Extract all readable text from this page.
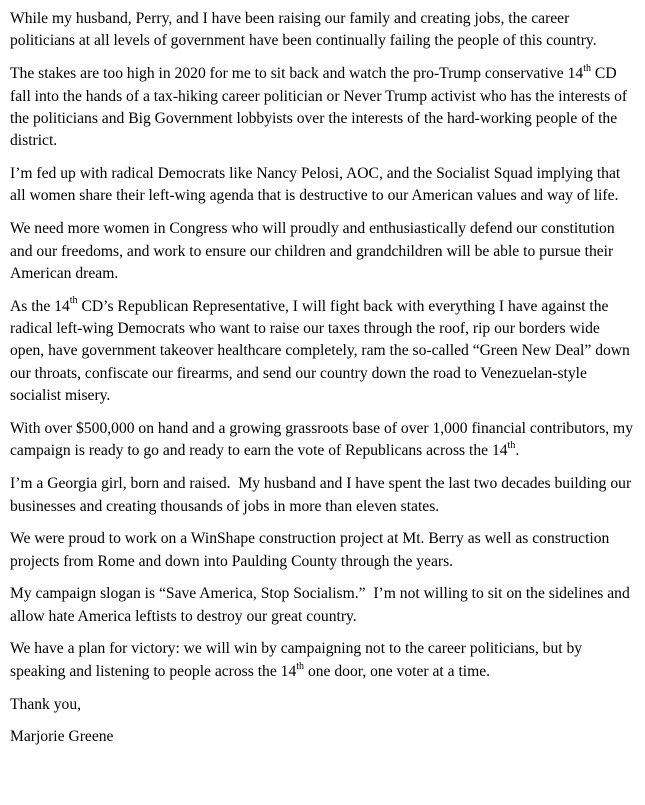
While my husband, Perry, and I have been raising our family and creating jobs, the career politicians at all levels of government have been continually failing the people of this country.

The stakes are too high in 2020 for me to sit back and watch the pro-Trump conservative 14th CD fall into the hands of a tax-hiking career politician or Never Trump activist who has the interests of the politicians and Big Government lobbyists over the interests of the hard-working people of the district.

I’m fed up with radical Democrats like Nancy Pelosi, AOC, and the Socialist Squad implying that all women share their left-wing agenda that is destructive to our American values and way of life.

We need more women in Congress who will proudly and enthusiastically defend our constitution and our freedoms, and work to ensure our children and grandchildren will be able to pursue their American dream.

As the 14th CD’s Republican Representative, I will fight back with everything I have against the radical left-wing Democrats who want to raise our taxes through the roof, rip our borders wide open, have government takeover healthcare completely, ram the so-called “Green New Deal” down our throats, confiscate our firearms, and send our country down the road to Venezuelan-style socialist misery.

With over $500,000 on hand and a growing grassroots base of over 1,000 financial contributors, my campaign is ready to go and ready to earn the vote of Republicans across the 14th.

I’m a Georgia girl, born and raised.  My husband and I have spent the last two decades building our businesses and creating thousands of jobs in more than eleven states.

We were proud to work on a WinShape construction project at Mt. Berry as well as construction projects from Rome and down into Paulding County through the years.

My campaign slogan is “Save America, Stop Socialism.”  I’m not willing to sit on the sidelines and allow hate America leftists to destroy our great country.

We have a plan for victory: we will win by campaigning not to the career politicians, but by speaking and listening to people across the 14th one door, one voter at a time.

Thank you,

Marjorie Greene
